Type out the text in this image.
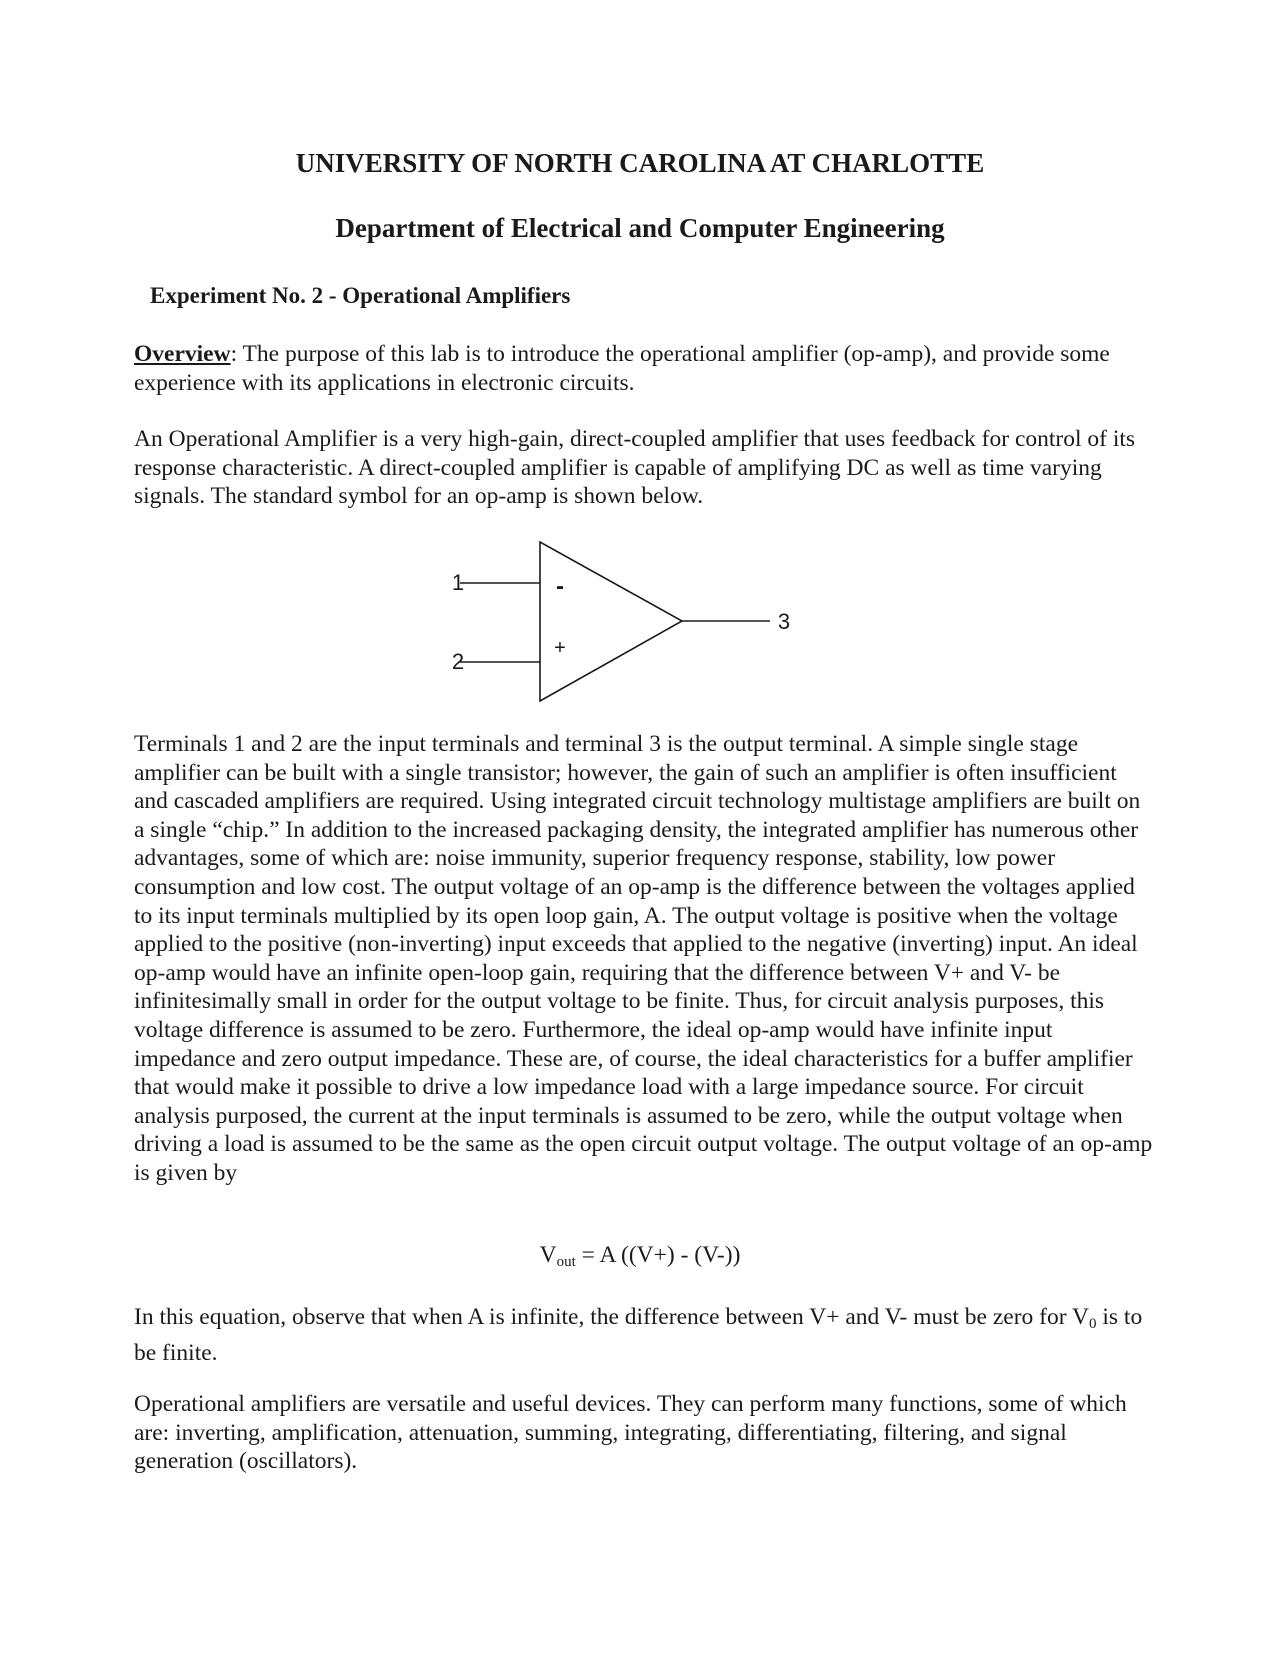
UNIVERSITY OF NORTH CAROLINA AT CHARLOTTE
Department of Electrical and Computer Engineering
Experiment No. 2 - Operational Amplifiers

Overview: The purpose of this lab is to introduce the operational amplifier (op-amp), and provide some experience with its applications in electronic circuits.

An Operational Amplifier is a very high-gain, direct-coupled amplifier that uses feedback for control of its response characteristic. A direct-coupled amplifier is capable of amplifying DC as well as time varying signals. The standard symbol for an op-amp is shown below.

1
2
3
-
+

Terminals 1 and 2 are the input terminals and terminal 3 is the output terminal. A simple single stage amplifier can be built with a single transistor; however, the gain of such an amplifier is often insufficient and cascaded amplifiers are required. Using integrated circuit technology multistage amplifiers are built on a single “chip.” In addition to the increased packaging density, the integrated amplifier has numerous other advantages, some of which are: noise immunity, superior frequency response, stability, low power consumption and low cost. The output voltage of an op-amp is the difference between the voltages applied to its input terminals multiplied by its open loop gain, A. The output voltage is positive when the voltage applied to the positive (non-inverting) input exceeds that applied to the negative (inverting) input. An ideal op-amp would have an infinite open-loop gain, requiring that the difference between V+ and V- be infinitesimally small in order for the output voltage to be finite. Thus, for circuit analysis purposes, this voltage difference is assumed to be zero. Furthermore, the ideal op-amp would have infinite input impedance and zero output impedance. These are, of course, the ideal characteristics for a buffer amplifier that would make it possible to drive a low impedance load with a large impedance source. For circuit analysis purposed, the current at the input terminals is assumed to be zero, while the output voltage when driving a load is assumed to be the same as the open circuit output voltage. The output voltage of an op-amp is given by

$V_{out} = A$ ((V+) - (V-))

In this equation, observe that when A is infinite, the difference between V+ and V- must be zero for $V_0$ is to be finite.

Operational amplifiers are versatile and useful devices. They can perform many functions, some of which are: inverting, amplification, attenuation, summing, integrating, differentiating, filtering, and signal generation (oscillators).
